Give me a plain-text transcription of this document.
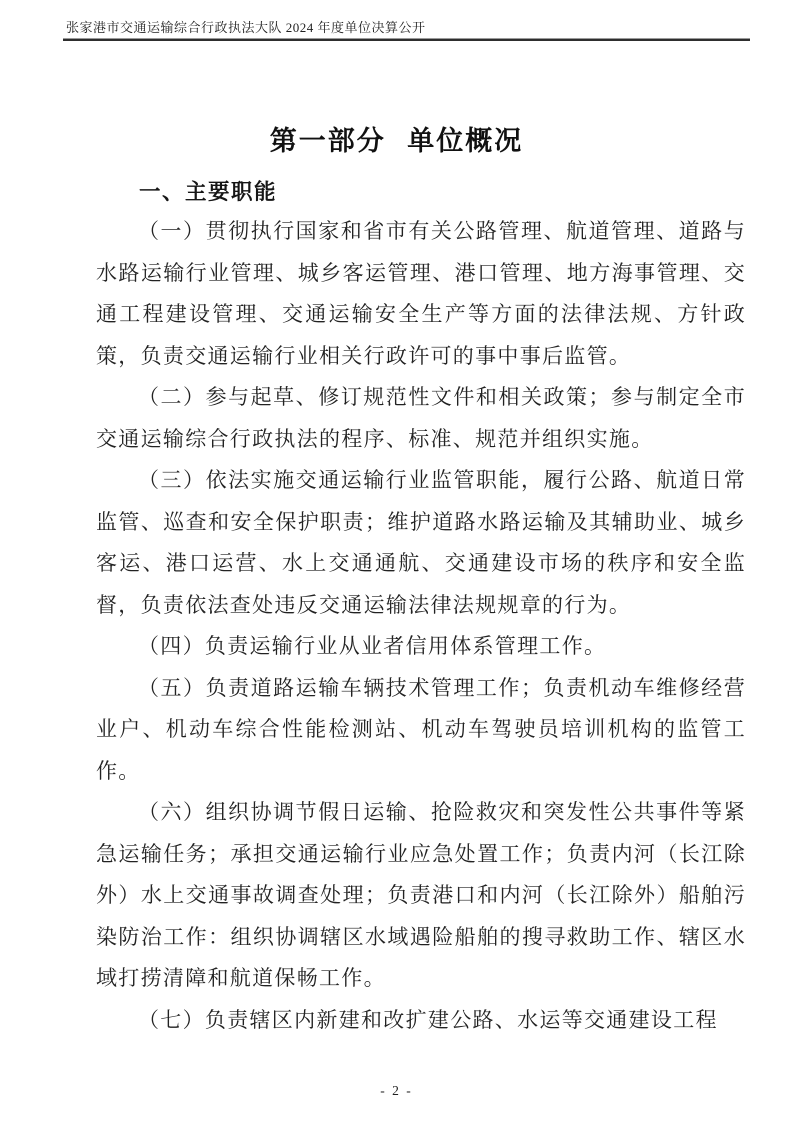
张家港市交通运输综合行政执法大队 2024 年度单位决算公开
第一部分 单位概况
一、主要职能

（一）贯彻执行国家和省市有关公路管理、航道管理、道路与水路运输行业管理、城乡客运管理、港口管理、地方海事管理、交通工程建设管理、交通运输安全生产等方面的法律法规、方针政策，负责交通运输行业相关行政许可的事中事后监管。

（二）参与起草、修订规范性文件和相关政策；参与制定全市交通运输综合行政执法的程序、标准、规范并组织实施。

（三）依法实施交通运输行业监管职能，履行公路、航道日常监管、巡查和安全保护职责；维护道路水路运输及其辅助业、城乡客运、港口运营、水上交通通航、交通建设市场的秩序和安全监督，负责依法查处违反交通运输法律法规规章的行为。

（四）负责运输行业从业者信用体系管理工作。

（五）负责道路运输车辆技术管理工作；负责机动车维修经营业户、机动车综合性能检测站、机动车驾驶员培训机构的监管工作。

（六）组织协调节假日运输、抢险救灾和突发性公共事件等紧急运输任务；承担交通运输行业应急处置工作；负责内河（长江除外）水上交通事故调查处理；负责港口和内河（长江除外）船舶污染防治工作：组织协调辖区水域遇险船舶的搜寻救助工作、辖区水域打捞清障和航道保畅工作。

（七）负责辖区内新建和改扩建公路、水运等交通建设工程

- 2 -
